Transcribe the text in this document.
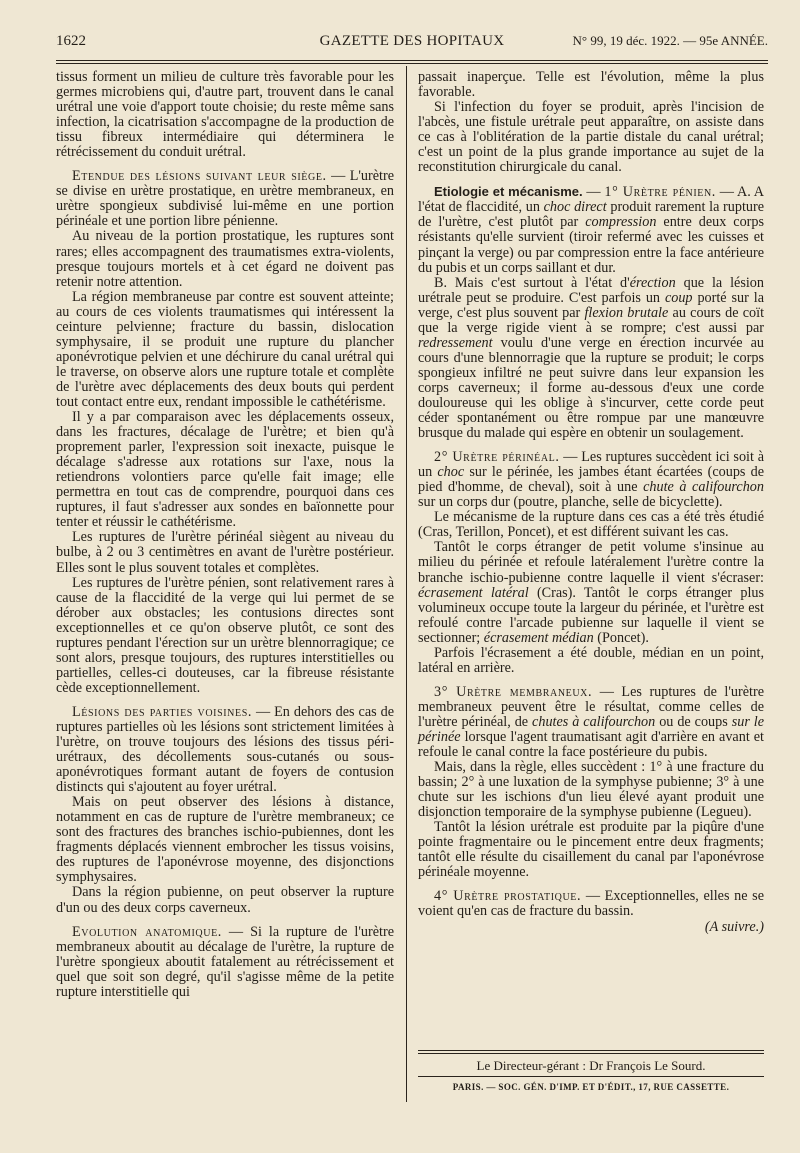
1622	GAZETTE DES HOPITAUX	N° 99, 19 déc. 1922. — 95e ANNÉE.

tissus forment un milieu de culture très favorable pour les germes microbiens qui, d'autre part, trouvent dans le canal urétral une voie d'apport toute choisie; du reste même sans infection, la cicatrisation s'accompagne de la production de tissu fibreux intermédiaire qui déterminera le rétrécissement du conduit urétral.

Etendue des lésions suivant leur siège. — L'urètre se divise en urètre prostatique, en urètre membraneux, en urètre spongieux subdivisé lui-même en une portion périnéale et une portion libre pénienne.

Au niveau de la portion prostatique, les ruptures sont rares; elles accompagnent des traumatismes extra-violents, presque toujours mortels et à cet égard ne doivent pas retenir notre attention.

La région membraneuse par contre est souvent atteinte; au cours de ces violents traumatismes qui intéressent la ceinture pelvienne; fracture du bassin, dislocation symphysaire, il se produit une rupture du plancher aponévrotique pelvien et une déchirure du canal urétral qui le traverse, on observe alors une rupture totale et complète de l'urètre avec déplacements des deux bouts qui perdent tout contact entre eux, rendant impossible le cathétérisme.

Il y a par comparaison avec les déplacements osseux, dans les fractures, décalage de l'urètre; et bien qu'à proprement parler, l'expression soit inexacte, puisque le décalage s'adresse aux rotations sur l'axe, nous la retiendrons volontiers parce qu'elle fait image; elle permettra en tout cas de comprendre, pourquoi dans ces ruptures, il faut s'adresser aux sondes en baïonnette pour tenter et réussir le cathétérisme.

Les ruptures de l'urètre périnéal siègent au niveau du bulbe, à 2 ou 3 centimètres en avant de l'urètre postérieur. Elles sont le plus souvent totales et complètes.

Les ruptures de l'urètre pénien, sont relativement rares à cause de la flaccidité de la verge qui lui permet de se dérober aux obstacles; les contusions directes sont exceptionnelles et ce qu'on observe plutôt, ce sont des ruptures pendant l'érection sur un urètre blennorragique; ce sont alors, presque toujours, des ruptures interstitielles ou partielles, celles-ci douteuses, car la fibreuse résistante cède exceptionnellement.

Lésions des parties voisines. — En dehors des cas de ruptures partielles où les lésions sont strictement limitées à l'urètre, on trouve toujours des lésions des tissus péri-urétraux, des décollements sous-cutanés ou sous-aponévrotiques formant autant de foyers de contusion distincts qui s'ajoutent au foyer urétral.

Mais on peut observer des lésions à distance, notamment en cas de rupture de l'urètre membraneux; ce sont des fractures des branches ischio-pubiennes, dont les fragments déplacés viennent embrocher les tissus voisins, des ruptures de l'aponévrose moyenne, des disjonctions symphysaires.

Dans la région pubienne, on peut observer la rupture d'un ou des deux corps caverneux.

Evolution anatomique. — Si la rupture de l'urètre membraneux aboutit au décalage de l'urètre, la rupture de l'urètre spongieux aboutit fatalement au rétrécissement et quel que soit son degré, qu'il s'agisse même de la petite rupture interstitielle qui

passait inaperçue. Telle est l'évolution, même la plus favorable.

Si l'infection du foyer se produit, après l'incision de l'abcès, une fistule urétrale peut apparaître, on assiste dans ce cas à l'oblitération de la partie distale du canal urétral; c'est un point de la plus grande importance au sujet de la reconstitution chirurgicale du canal.

Etiologie et mécanisme. — 1° Urètre pénien. — A. A l'état de flaccidité, un choc direct produit rarement la rupture de l'urètre, c'est plutôt par compression entre deux corps résistants qu'elle survient (tiroir refermé avec les cuisses et pinçant la verge) ou par compression entre la face antérieure du pubis et un corps saillant et dur.

B. Mais c'est surtout à l'état d'érection que la lésion urétrale peut se produire. C'est parfois un coup porté sur la verge, c'est plus souvent par flexion brutale au cours de coït que la verge rigide vient à se rompre; c'est aussi par redressement voulu d'une verge en érection incurvée au cours d'une blennorragie que la rupture se produit; le corps spongieux infiltré ne peut suivre dans leur expansion les corps caverneux; il forme au-dessous d'eux une corde douloureuse qui les oblige à s'incurver, cette corde peut céder spontanément ou être rompue par une manœuvre brusque du malade qui espère en obtenir un soulagement.

2° Urètre périnéal. — Les ruptures succèdent ici soit à un choc sur le périnée, les jambes étant écartées (coups de pied d'homme, de cheval), soit à une chute à califourchon sur un corps dur (poutre, planche, selle de bicyclette).

Le mécanisme de la rupture dans ces cas a été très étudié (Cras, Terillon, Poncet), et est différent suivant les cas.

Tantôt le corps étranger de petit volume s'insinue au milieu du périnée et refoule latéralement l'urètre contre la branche ischio-pubienne contre laquelle il vient s'écraser: écrasement latéral (Cras). Tantôt le corps étranger plus volumineux occupe toute la largeur du périnée, et l'urètre est refoulé contre l'arcade pubienne sur laquelle il vient se sectionner; écrasement médian (Poncet).

Parfois l'écrasement a été double, médian en un point, latéral en arrière.

3° Urètre membraneux. — Les ruptures de l'urètre membraneux peuvent être le résultat, comme celles de l'urètre périnéal, de chutes à califourchon ou de coups sur le périnée lorsque l'agent traumatisant agit d'arrière en avant et refoule le canal contre la face postérieure du pubis.

Mais, dans la règle, elles succèdent : 1° à une fracture du bassin; 2° à une luxation de la symphyse pubienne; 3° à une chute sur les ischions d'un lieu élevé ayant produit une disjonction temporaire de la symphyse pubienne (Legueu).

Tantôt la lésion urétrale est produite par la piqûre d'une pointe fragmentaire ou le pincement entre deux fragments; tantôt elle résulte du cisaillement du canal par l'aponévrose périnéale moyenne.

4° Urètre prostatique. — Exceptionnelles, elles ne se voient qu'en cas de fracture du bassin.

(A suivre.)

Le Directeur-gérant : Dr François Le Sourd.
PARIS. — SOC. GÉN. D'IMP. ET D'ÉDIT., 17, RUE CASSETTE.
